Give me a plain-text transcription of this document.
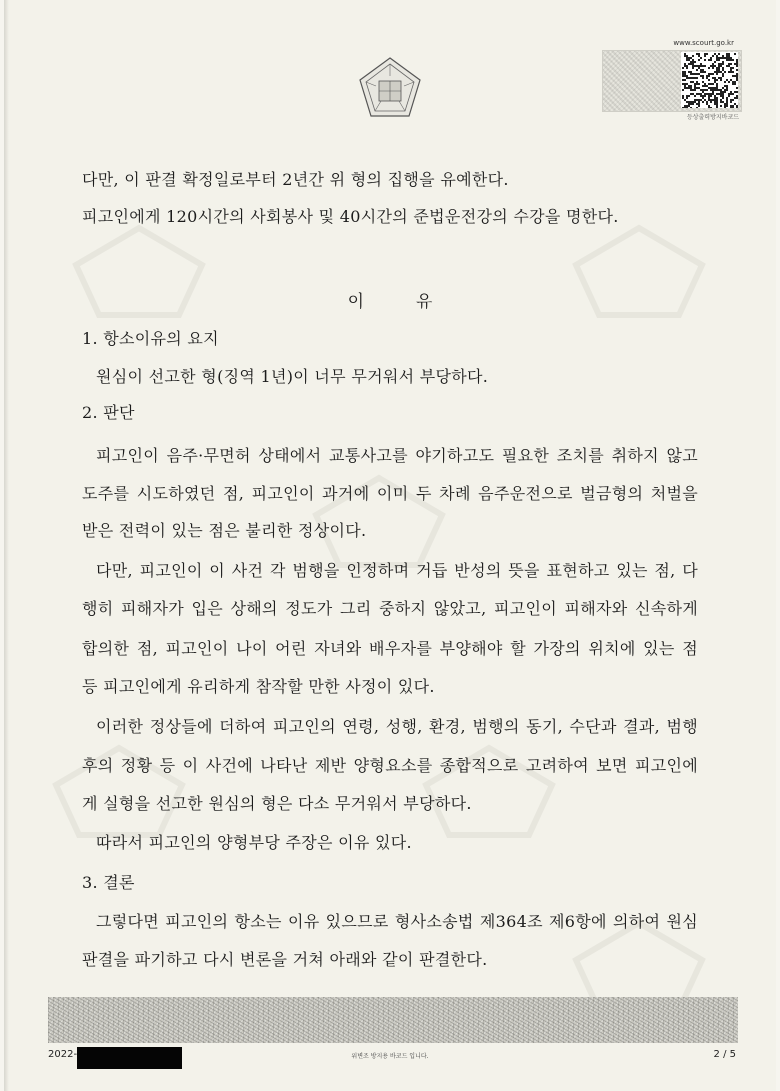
www.scourt.go.kr
등상출력방지바코드
다만, 이 판결 확정일로부터 2년간 위 형의 집행을 유예한다.
피고인에게 120시간의 사회봉사 및 40시간의 준법운전강의 수강을 명한다.
이	유
1. 항소이유의 요지
원심이 선고한 형(징역 1년)이 너무 무거워서 부당하다.
2. 판단
피고인이 음주·무면허 상태에서 교통사고를 야기하고도 필요한 조치를 취하지 않고
도주를 시도하였던 점, 피고인이 과거에 이미 두 차례 음주운전으로 벌금형의 처벌을
받은 전력이 있는 점은 불리한 정상이다.
다만, 피고인이 이 사건 각 범행을 인정하며 거듭 반성의 뜻을 표현하고 있는 점, 다
행히 피해자가 입은 상해의 정도가 그리 중하지 않았고, 피고인이 피해자와 신속하게
합의한 점, 피고인이 나이 어린 자녀와 배우자를 부양해야 할 가장의 위치에 있는 점
등 피고인에게 유리하게 참작할 만한 사정이 있다.
이러한 정상들에 더하여 피고인의 연령, 성행, 환경, 범행의 동기, 수단과 결과, 범행
후의 정황 등 이 사건에 나타난 제반 양형요소를 종합적으로 고려하여 보면 피고인에
게 실형을 선고한 원심의 형은 다소 무거워서 부당하다.
따라서 피고인의 양형부당 주장은 이유 있다.
3. 결론
그렇다면 피고인의 항소는 이유 있으므로 형사소송법 제364조 제6항에 의하여 원심
판결을 파기하고 다시 변론을 거쳐 아래와 같이 판결한다.
2022-	위변조 방지용 바코드 입니다.	2 / 5
